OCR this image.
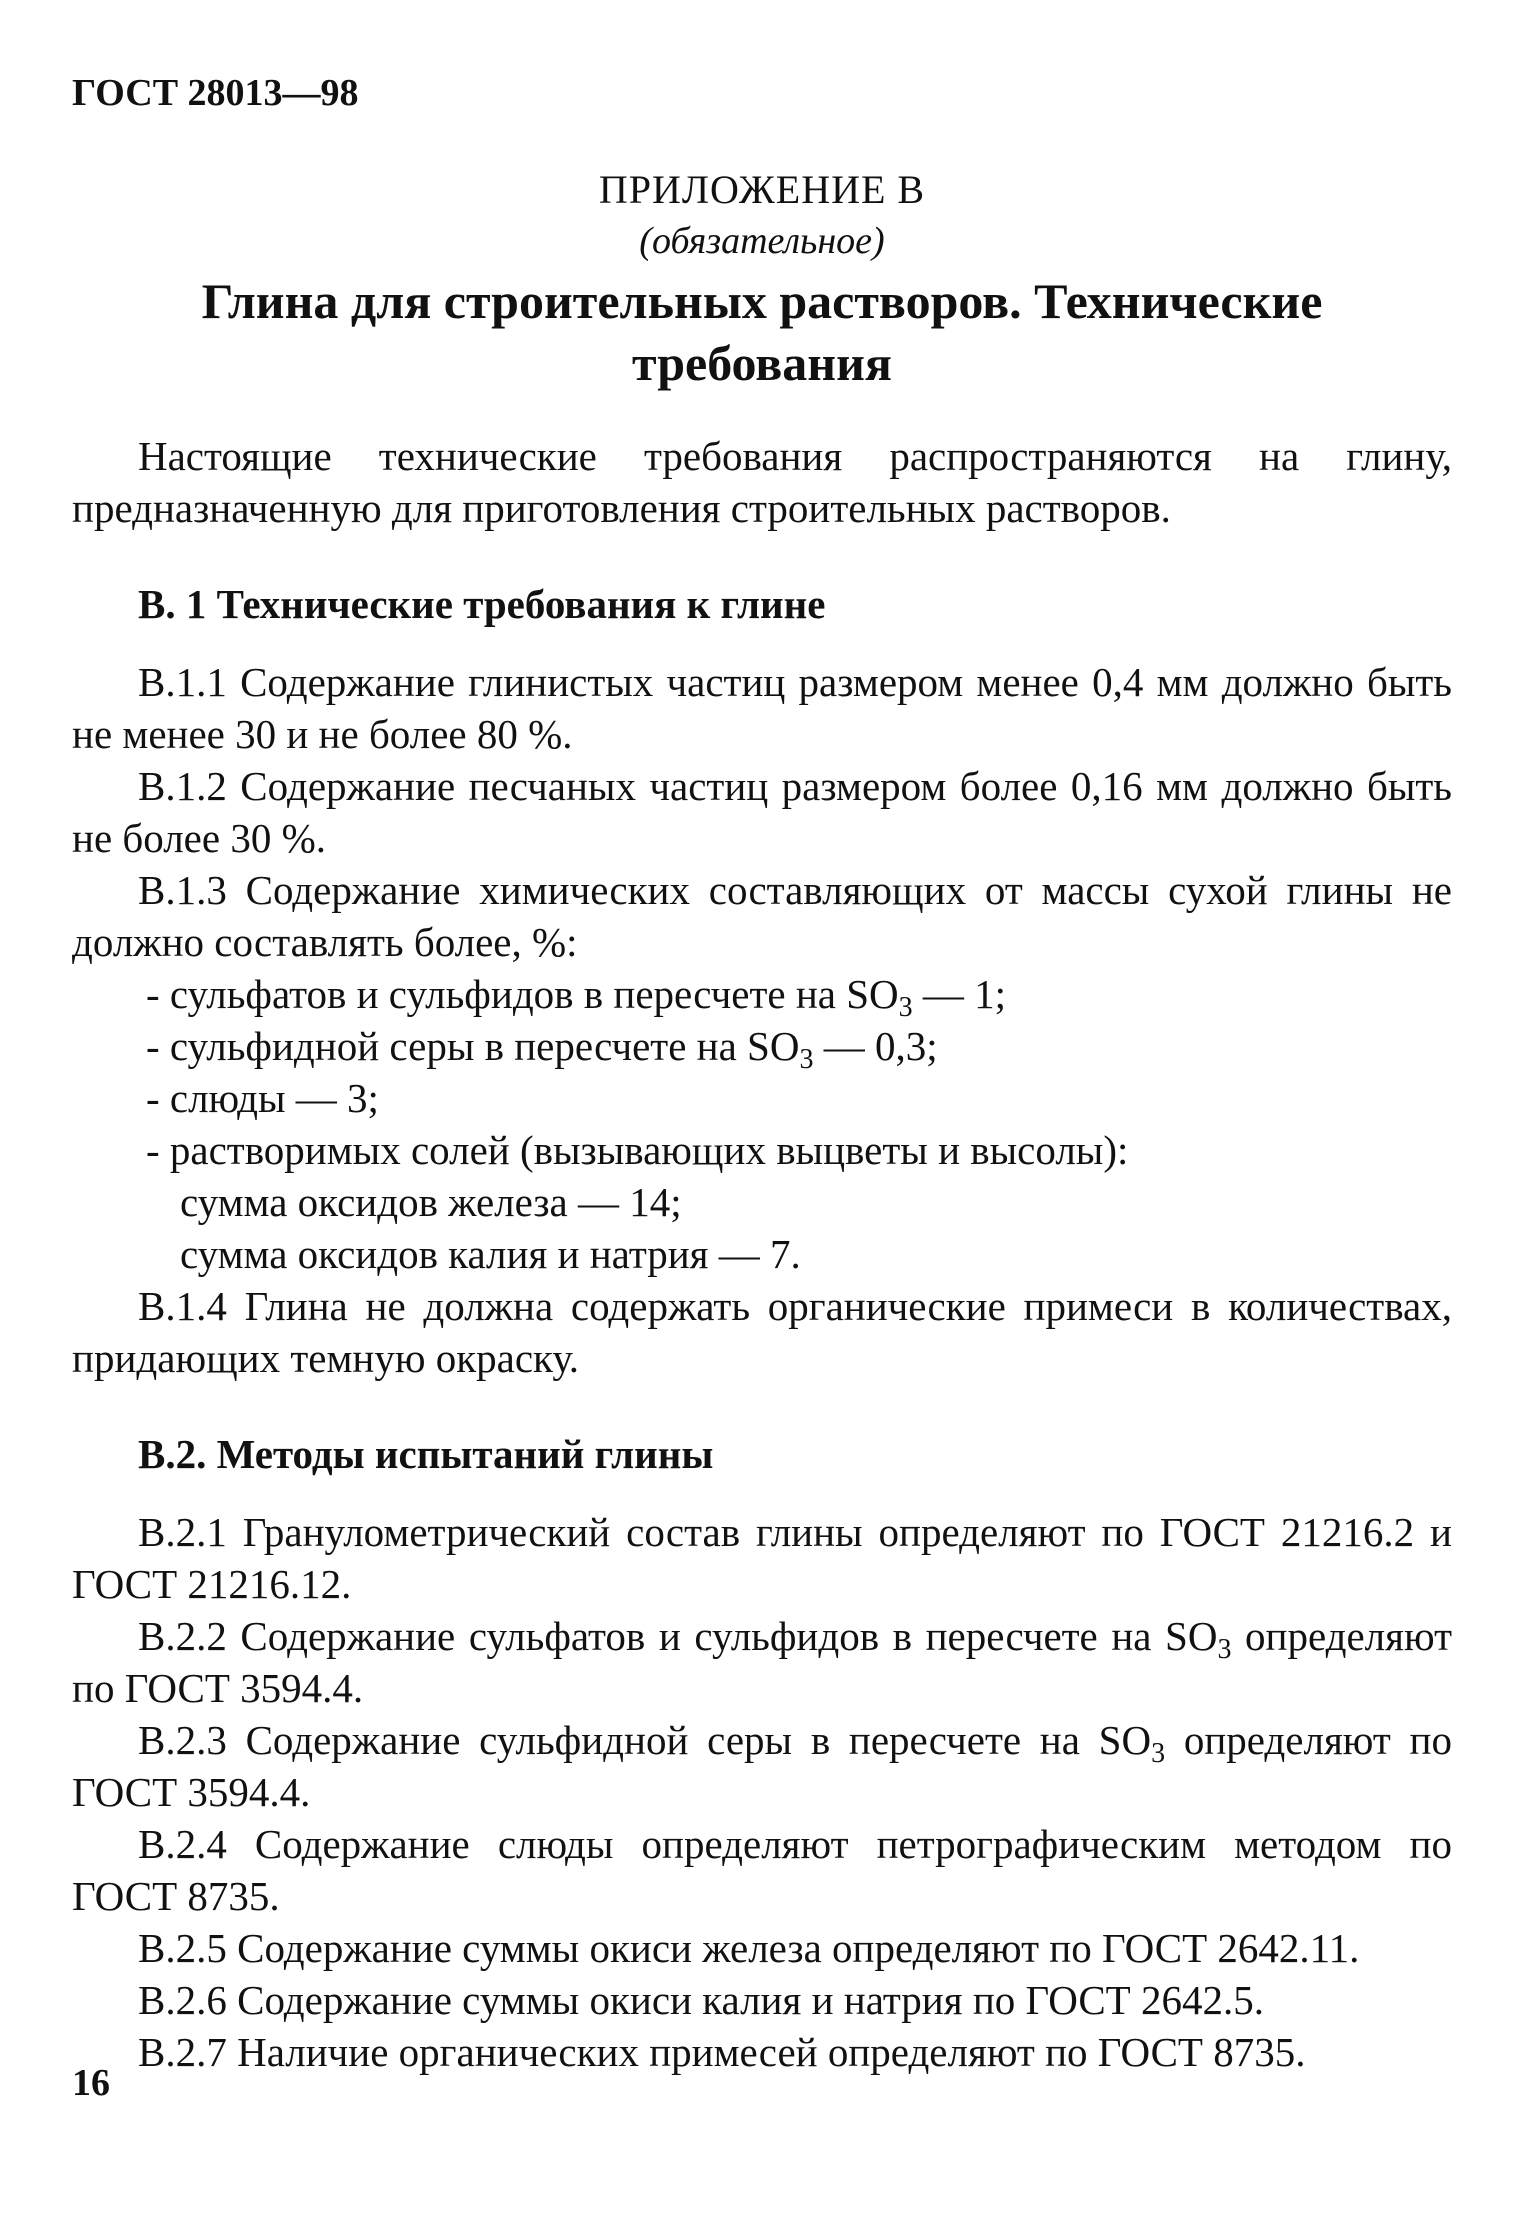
ГОСТ 28013—98

ПРИЛОЖЕНИЕ В

(обязательное)

Глина для строительных растворов. Технические требования

Настоящие технические требования распространяются на глину, предназначенную для приготовления строительных растворов.

В. 1 Технические требования к глине

В.1.1 Содержание глинистых частиц размером менее 0,4 мм должно быть не менее 30 и не более 80 %.

В.1.2 Содержание песчаных частиц размером более 0,16 мм должно быть не более 30 %.

В.1.3 Содержание химических составляющих от массы сухой глины не должно составлять более, %:

- сульфатов и сульфидов в пересчете на $SO_3$ — 1;
- сульфидной серы в пересчете на $SO_3$ — 0,3;
- слюды — 3;
- растворимых солей (вызывающих выцветы и высолы):

сумма оксидов железа — 14;

сумма оксидов калия и натрия — 7.

В.1.4 Глина не должна содержать органические примеси в количествах, придающих темную окраску.

В.2. Методы испытаний глины

В.2.1 Гранулометрический состав глины определяют по ГОСТ 21216.2 и ГОСТ 21216.12.

В.2.2 Содержание сульфатов и сульфидов в пересчете на $SO_3$ определяют по ГОСТ 3594.4.

В.2.3 Содержание сульфидной серы в пересчете на $SO_3$ определяют по ГОСТ 3594.4.

В.2.4 Содержание слюды определяют петрографическим методом по ГОСТ 8735.

В.2.5 Содержание суммы окиси железа определяют по ГОСТ 2642.11.

В.2.6 Содержание суммы окиси калия и натрия по ГОСТ 2642.5.

В.2.7 Наличие органических примесей определяют по ГОСТ 8735.

16
